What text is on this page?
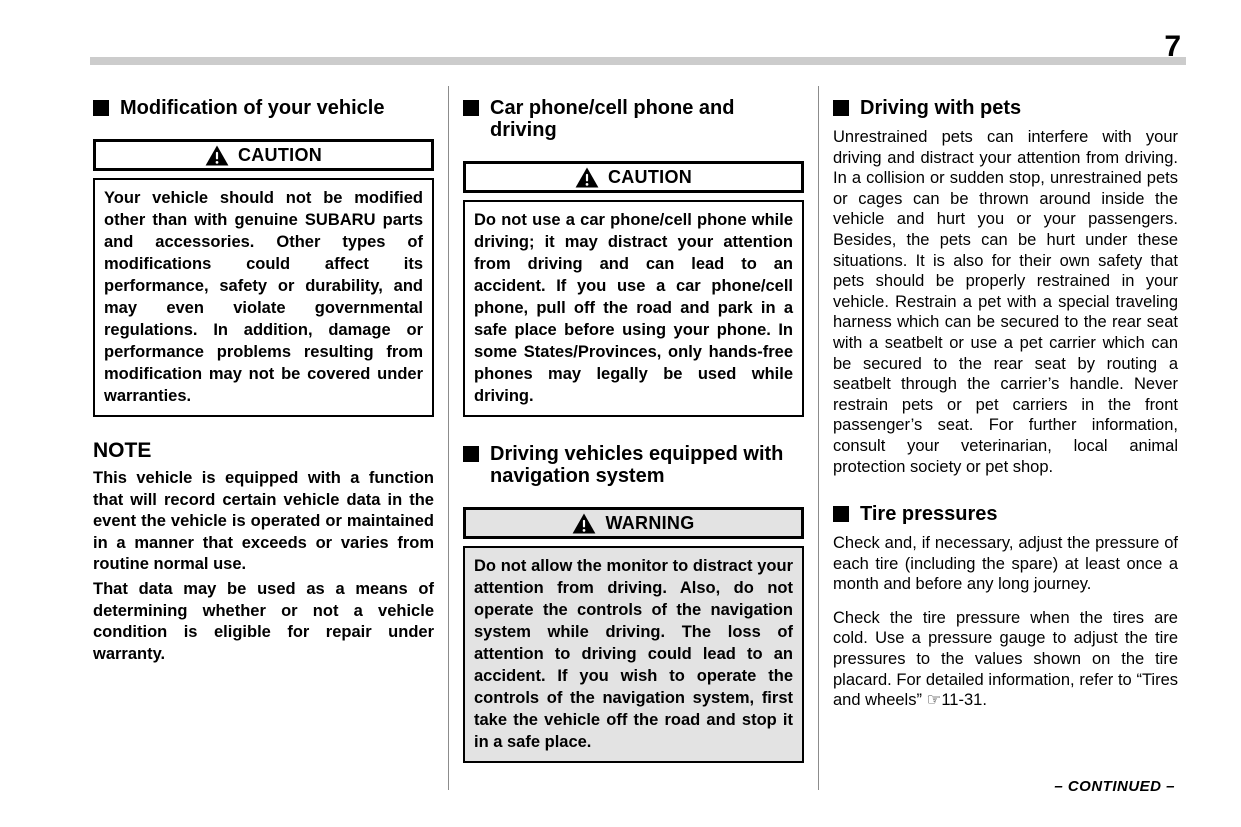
7
Modification of your vehicle
CAUTION
Your vehicle should not be modified other than with genuine SUBARU parts and accessories. Other types of modifications could affect its performance, safety or durability, and may even violate governmental regulations. In addition, damage or performance problems resulting from modification may not be covered under warranties.
NOTE

This vehicle is equipped with a function that will record certain vehicle data in the event the vehicle is operated or maintained in a manner that exceeds or varies from routine normal use.

That data may be used as a means of determining whether or not a vehicle condition is eligible for repair under warranty.

Car phone/cell phone and driving
CAUTION
Do not use a car phone/cell phone while driving; it may distract your attention from driving and can lead to an accident. If you use a car phone/cell phone, pull off the road and park in a safe place before using your phone. In some States/Provinces, only hands-free phones may legally be used while driving.
Driving vehicles equipped with navigation system
WARNING
Do not allow the monitor to distract your attention from driving. Also, do not operate the controls of the navigation system while driving. The loss of attention to driving could lead to an accident. If you wish to operate the controls of the navigation system, first take the vehicle off the road and stop it in a safe place.
Driving with pets

Unrestrained pets can interfere with your driving and distract your attention from driving. In a collision or sudden stop, unrestrained pets or cages can be thrown around inside the vehicle and hurt you or your passengers. Besides, the pets can be hurt under these situations. It is also for their own safety that pets should be properly restrained in your vehicle. Restrain a pet with a special traveling harness which can be secured to the rear seat with a seatbelt or use a pet carrier which can be secured to the rear seat by routing a seatbelt through the carrier’s handle. Never restrain pets or pet carriers in the front passenger’s seat. For further information, consult your veterinarian, local animal protection society or pet shop.

Tire pressures

Check and, if necessary, adjust the pressure of each tire (including the spare) at least once a month and before any long journey.

Check the tire pressure when the tires are cold. Use a pressure gauge to adjust the tire pressures to the values shown on the tire placard. For detailed information, refer to “Tires and wheels” ☞11-31.

– CONTINUED –
